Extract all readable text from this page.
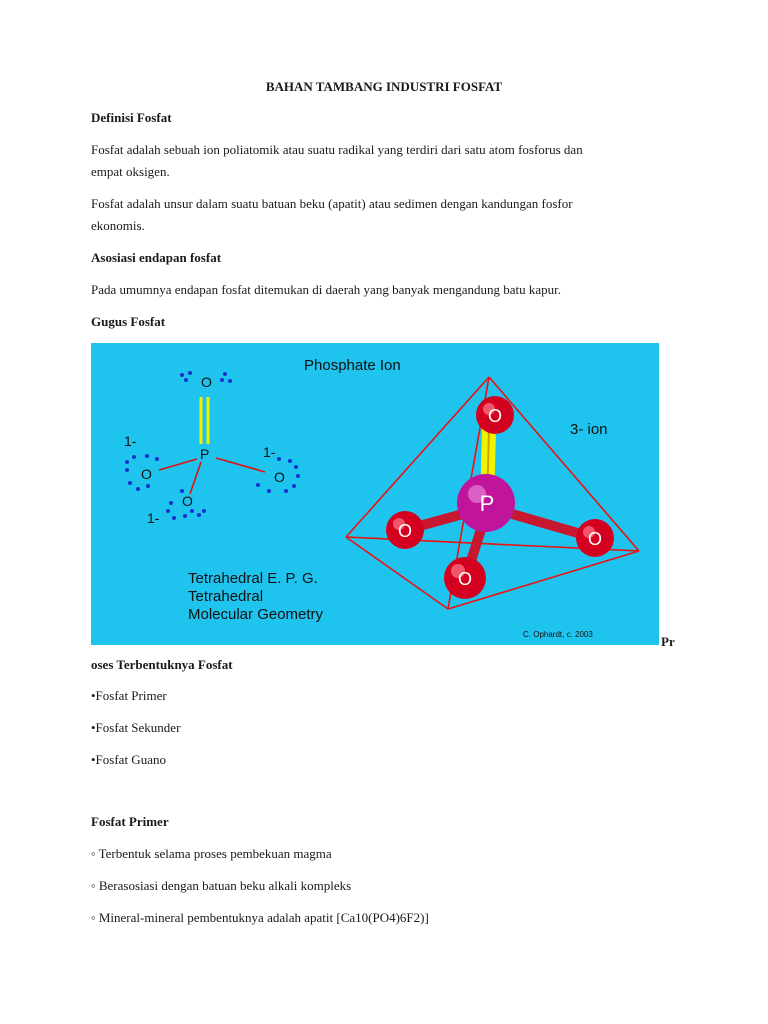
BAHAN TAMBANG INDUSTRI FOSFAT
Definisi Fosfat
Fosfat adalah sebuah ion poliatomik atau suatu radikal yang terdiri dari satu atom fosforus dan
empat oksigen.
Fosfat adalah unsur dalam suatu batuan beku (apatit) atau sedimen dengan kandungan fosfor
ekonomis.
Asosiasi endapan fosfat
Pada umumnya endapan fosfat ditemukan di daerah yang banyak mengandung batu kapur.
Gugus Fosfat
O
P
O	O
O
1-
1-
1-
Phosphate Ion
3- ion
Tetrahedral E. P. G.
Tetrahedral
Molecular Geometry
C. Ophardt, c. 2003
P
O
O	O
O
Pr
oses Terbentuknya Fosfat
•Fosfat Primer
•Fosfat Sekunder
•Fosfat Guano
Fosfat Primer
◦ Terbentuk selama proses pembekuan magma
◦ Berasosiasi dengan batuan beku alkali kompleks
◦ Mineral-mineral pembentuknya adalah apatit [Ca10(PO4)6F2)]
